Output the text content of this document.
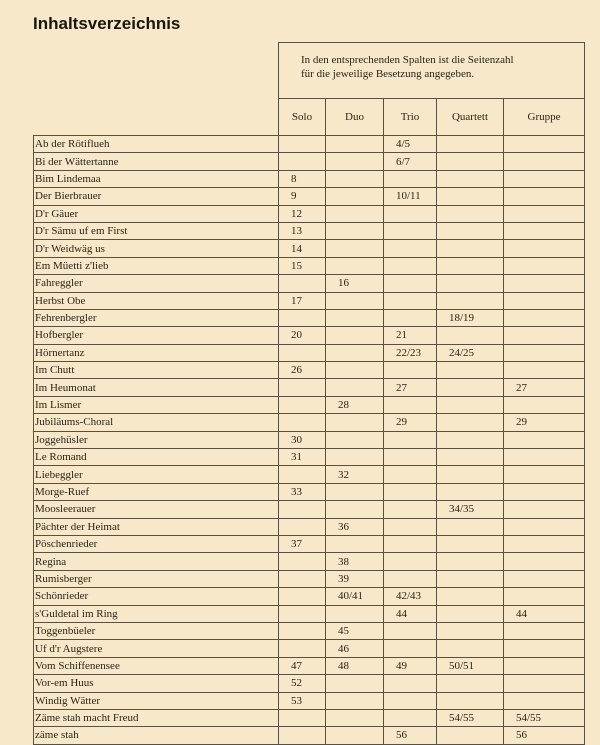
Inhaltsverzeichnis
	In den entsprechenden Spalten ist die Seitenzahl
für die jeweilige Besetzung angegeben.				
	Solo	Duo	Trio	Quartett	Gruppe
Ab der Rötiflueh			4/5		
Bi der Wättertanne			6/7		
Bim Lindemaa	8				
Der Bierbrauer	9		10/11		
D'r Gäuer	12				
D'r Sämu uf em First	13				
D'r Weidwäg us	14				
Em Müetti z'lieb	15				
Fahreggler		16			
Herbst Obe	17				
Fehrenbergler				18/19	
Hofbergler	20		21		
Hörnertanz			22/23	24/25	
Im Chutt	26				
Im Heumonat			27		27
Im Lismer		28			
Jubiläums-Choral			29		29
Joggehüsler	30				
Le Romand	31				
Liebeggler		32			
Morge-Ruef	33				
Moosleerauer				34/35	
Pächter der Heimat		36			
Pöschenrieder	37				
Regina		38			
Rumisberger		39			
Schönrieder		40/41	42/43		
s'Guldetal im Ring			44		44
Toggenbüeler		45			
Uf d'r Augstere		46			
Vom Schiffenensee	47	48	49	50/51	
Vor-em Huus	52				
Windig Wätter	53				
Zäme stah macht Freud				54/55	54/55
zäme stah			56		56
